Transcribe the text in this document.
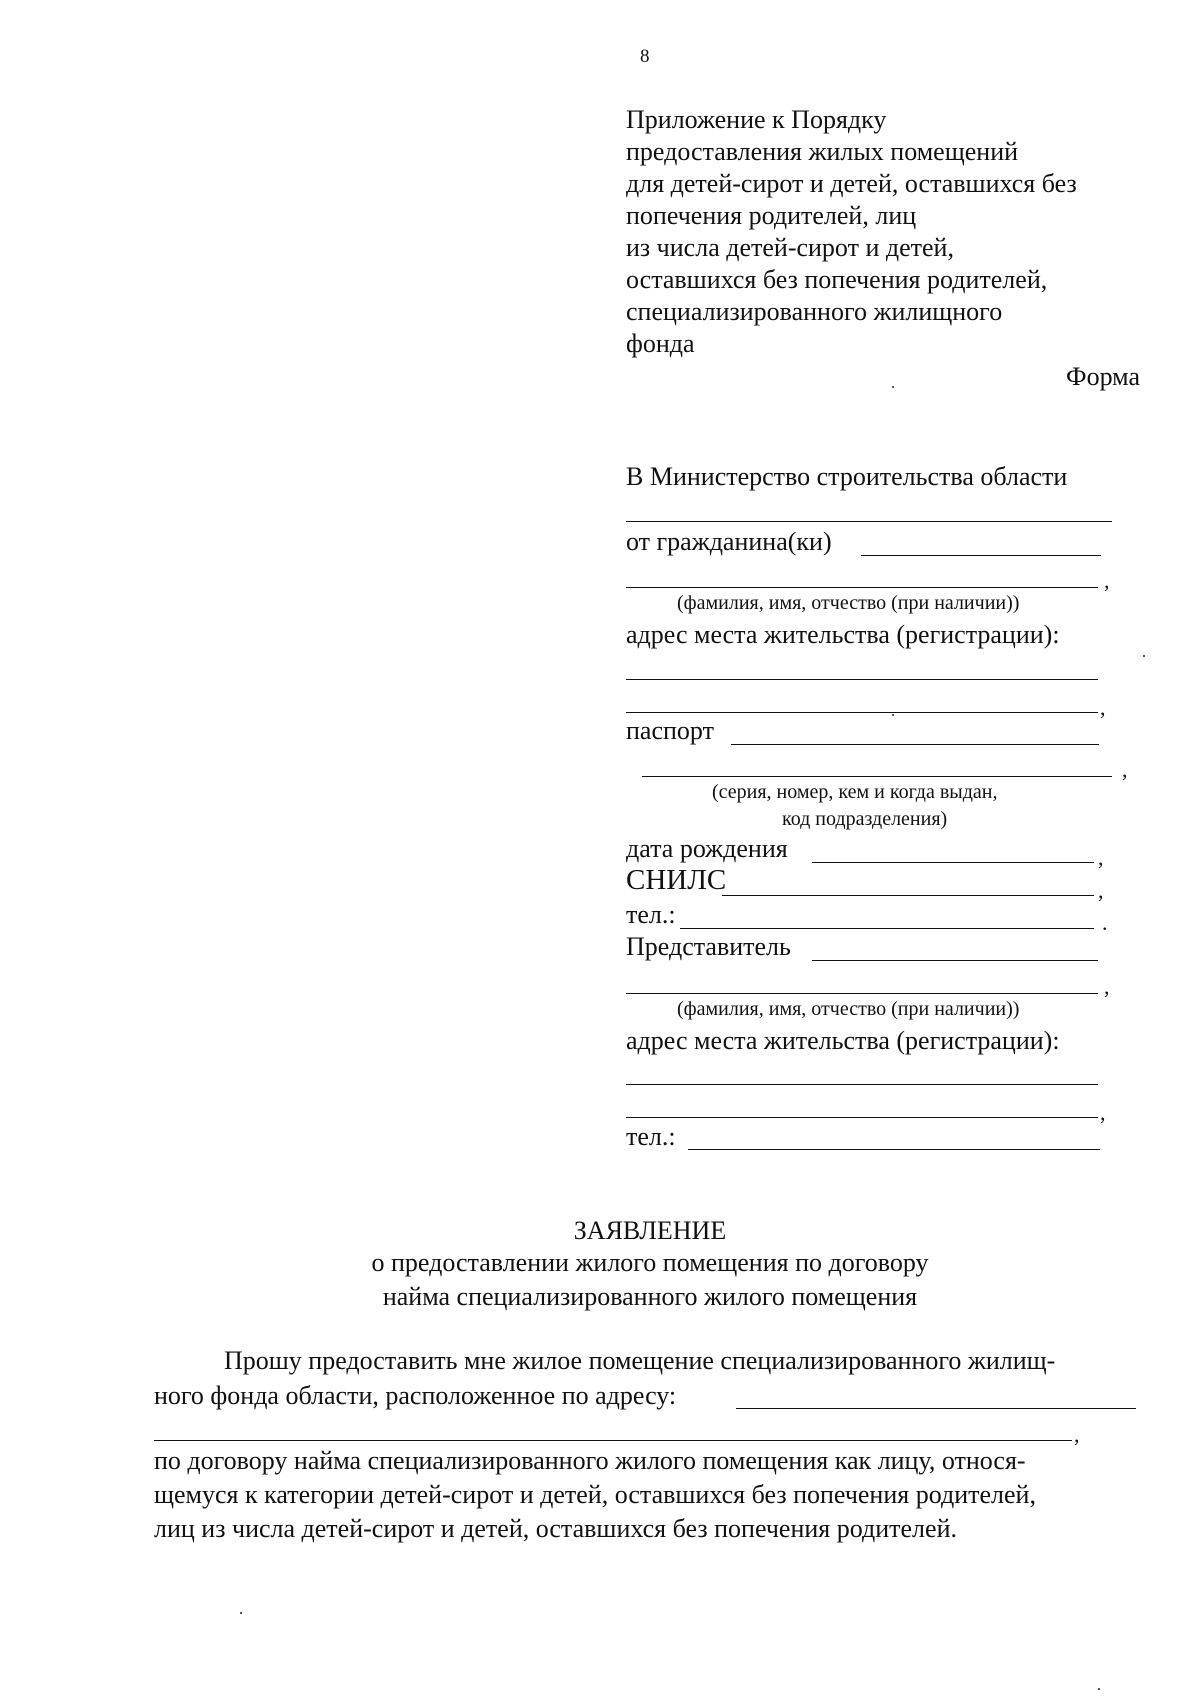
8
Приложение к Порядку
предоставления жилых помещений
для детей-сирот и детей, оставшихся без
попечения родителей, лиц
из числа детей-сирот и детей,
оставшихся без попечения родителей,
специализированного жилищного
фонда
Форма
В Министерство строительства области
от гражданина(ки)
,
(фамилия, имя, отчество (при наличии))
адрес места жительства (регистрации):
,
паспорт
,
(серия, номер, кем и когда выдан,
код подразделения)
дата рождения	,
СНИЛС	,
тел.:	.
Представитель
,
(фамилия, имя, отчество (при наличии))
адрес места жительства (регистрации):
,
тел.:
ЗАЯВЛЕНИЕ
о предоставлении жилого помещения по договору
найма специализированного жилого помещения
Прошу предоставить мне жилое помещение специализированного жилищ-
ного фонда области, расположенное по адресу:
,
по договору найма специализированного жилого помещения как лицу, относя-
щемуся к категории детей-сирот и детей, оставшихся без попечения родителей,
лиц из числа детей-сирот и детей, оставшихся без попечения родителей.
